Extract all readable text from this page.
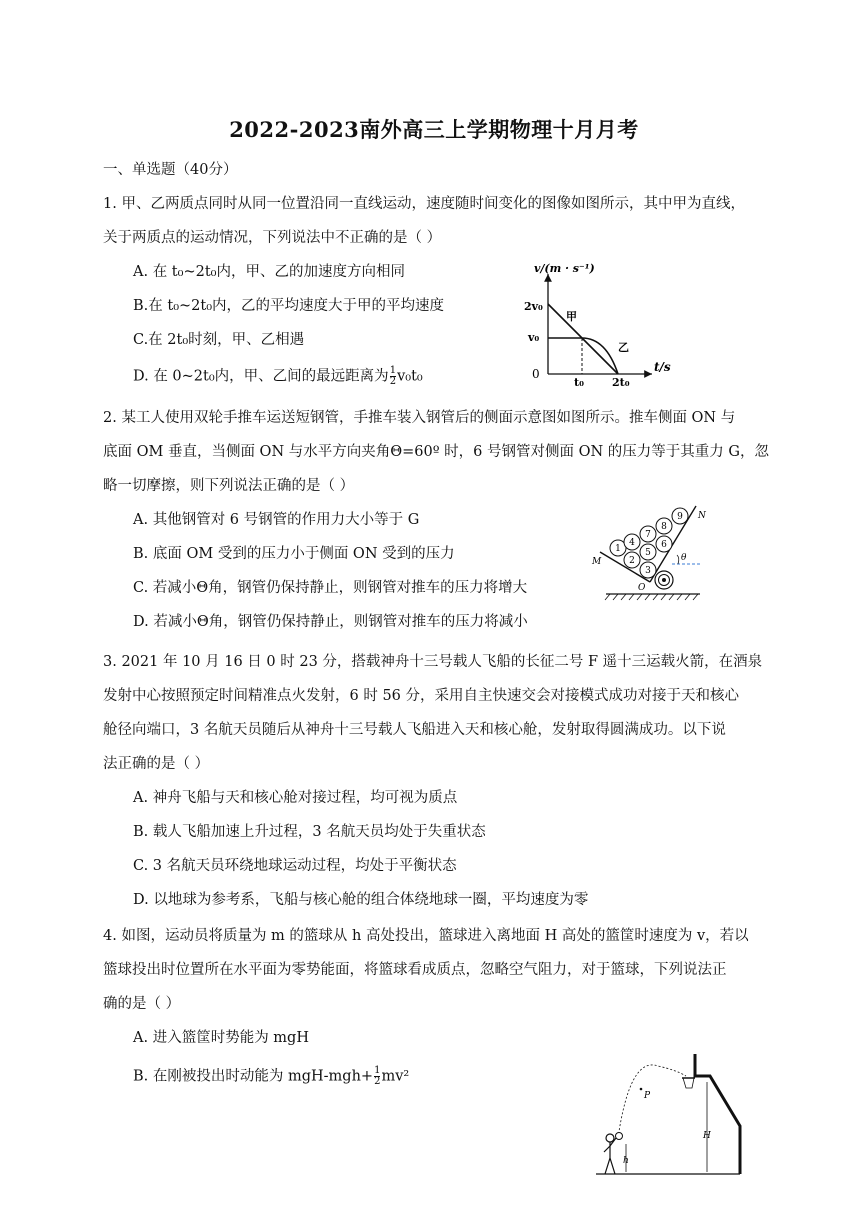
2022-2023南外高三上学期物理十月月考
一、单选题（40分）
1. 甲、乙两质点同时从同一位置沿同一直线运动，速度随时间变化的图像如图所示，其中甲为直线，
关于两质点的运动情况，下列说法中不正确的是（ ）
A. 在 t₀~2t₀内，甲、乙的加速度方向相同
B.在 t₀~2t₀内，乙的平均速度大于甲的平均速度
C.在 2t₀时刻，甲、乙相遇
D. 在 0~2t₀内，甲、乙间的最远距离为 $\frac{1}{2} v_0t_0$
v/(m · s⁻¹)
t/s
2v₀
v₀
0
t₀	2t₀
甲
乙
2. 某工人使用双轮手推车运送短钢管，手推车装入钢管后的侧面示意图如图所示。推车侧面 ON 与
底面 OM 垂直，当侧面 ON 与水平方向夹角Θ=60º 时，6 号钢管对侧面 ON 的压力等于其重力 G，忽
略一切摩擦，则下列说法正确的是（ ）
A. 其他钢管对 6 号钢管的作用力大小等于 G
B. 底面 OM 受到的压力小于侧面 ON 受到的压力
C. 若减小Θ角，钢管仍保持静止，则钢管对推车的压力将增大
D. 若减小Θ角，钢管仍保持静止，则钢管对推车的压力将减小
θ
1
2
3
4
5
6
7
8
9 N
M
O
3. 2021 年 10 月 16 日 0 时 23 分，搭载神舟十三号载人飞船的长征二号 F 遥十三运载火箭，在酒泉
发射中心按照预定时间精准点火发射，6 时 56 分，采用自主快速交会对接模式成功对接于天和核心
舱径向端口，3 名航天员随后从神舟十三号载人飞船进入天和核心舱，发射取得圆满成功。以下说
法正确的是（ ）
A. 神舟飞船与天和核心舱对接过程，均可视为质点
B. 载人飞船加速上升过程，3 名航天员均处于失重状态
C. 3 名航天员环绕地球运动过程，均处于平衡状态
D. 以地球为参考系，飞船与核心舱的组合体绕地球一圈，平均速度为零
4. 如图，运动员将质量为 m 的篮球从 h 高处投出，篮球进入离地面 H 高处的篮筐时速度为 v，若以
篮球投出时位置所在水平面为零势能面，将篮球看成质点，忽略空气阻力，对于篮球，下列说法正
确的是（ ）
A. 进入篮筐时势能为 mgH
B. 在刚被投出时动能为 $mgH-mgh+ \frac{1}{2} mv^2$
P
H
h
